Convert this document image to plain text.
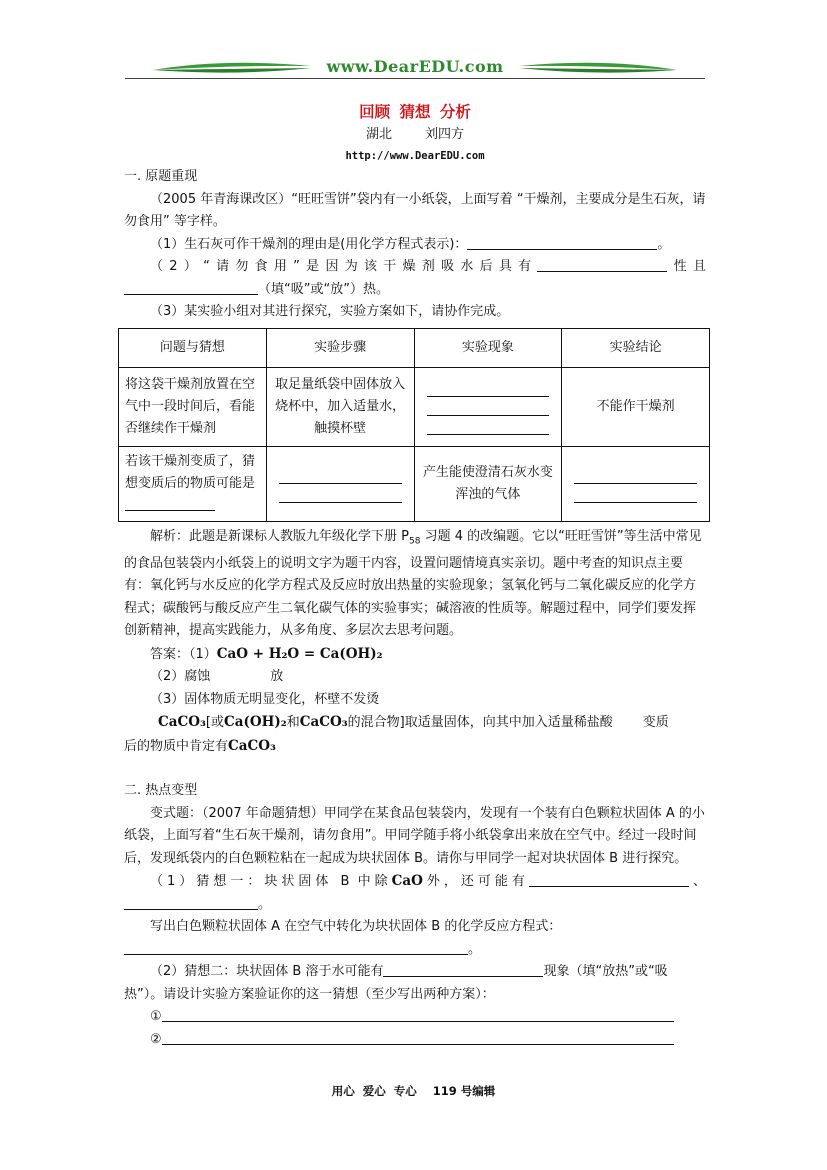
www.DearEDU.com

回顾 猜想 分析

湖北        刘四方

http://www.DearEDU.com

一. 原题重现

（2005 年青海课改区）“旺旺雪饼”袋内有一小纸袋，上面写着 “干燥剂，主要成分是生石灰，请勿食用” 等字样。

（1）生石灰可作干燥剂的理由是(用化学方程式表示)：	。

（2）“请勿食用”是因为该干燥剂吸水后具有	性且

（填“吸”或“放”）热。

（3）某实验小组对其进行探究，实验方案如下，请协作完成。

问题与猜想	实验步骤	实验现象	实验结论
将这袋干燥剂放置在空气中一段时间后，看能否继续作干燥剂	取足量纸袋中固体放入烧杯中，加入适量水，触摸杯壁		不能作干燥剂
若该干燥剂变质了，猜想变质后的物质可能是		产生能使澄清石灰水变浑浊的气体	

解析：此题是新课标人教版九年级化学下册 $P_{58}$ 习题 4 的改编题。它以“旺旺雪饼”等生活中常见的食品包装袋内小纸袋上的说明文字为题干内容，设置问题情境真实亲切。题中考查的知识点主要有：氧化钙与水反应的化学方程式及反应时放出热量的实验现象；氢氧化钙与二氧化碳反应的化学方程式；碳酸钙与酸反应产生二氧化碳气体的实验事实；碱溶液的性质等。解题过程中，同学们要发挥创新精神，提高实践能力，从多角度、多层次去思考问题。

答案：（1）CaO + H₂O = Ca(OH)₂

（2）腐蚀	放

（3）固体物质无明显变化，杯壁不发烫

CaCO₃[或Ca(OH)₂和CaCO₃的混合物]取适量固体，向其中加入适量稀盐酸 变质

后的物质中肯定有CaCO₃

二. 热点变型

变式题：（2007 年命题猜想）甲同学在某食品包装袋内，发现有一个装有白色颗粒状固体 A 的小纸袋，上面写着“生石灰干燥剂，请勿食用”。甲同学随手将小纸袋拿出来放在空气中。经过一段时间后，发现纸袋内的白色颗粒粘在一起成为块状固体 B。请你与甲同学一起对块状固体 B 进行探究。

（1）猜想一：块状固体 B 中除CaO外，还可能有	、

。

写出白色颗粒状固体 A 在空气中转化为块状固体 B 的化学反应方程式：

。

（2）猜想二：块状固体 B 溶于水可能有	现象（填“放热”或“吸热”）。请设计实验方案验证你的这一猜想（至少写出两种方案）：

①

②

用心  爱心  专心    119 号编辑
